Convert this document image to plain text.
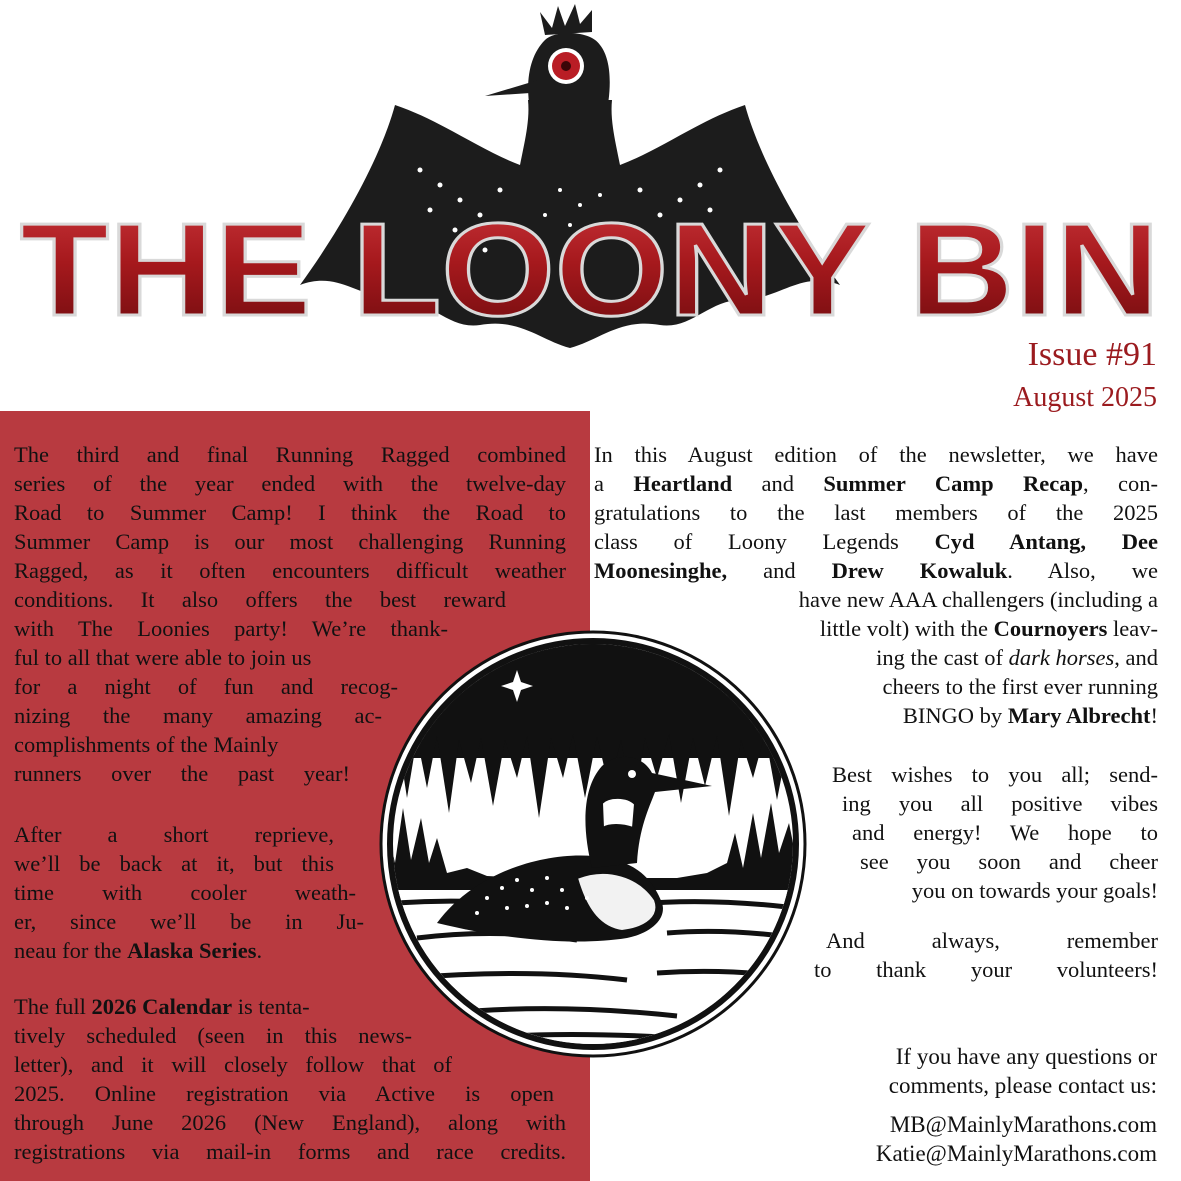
THE LOONY BIN
Issue #91
August 2025
The third and final Running Ragged combined
series of the year ended with the twelve-day
Road to Summer Camp! I think the Road to
Summer Camp is our most challenging Running
Ragged, as it often encounters difficult weather
conditions. It also offers the best reward
with The Loonies party! We’re thank-
ful to all that were able to join us
for a night of fun and recog-
nizing the many amazing ac-
complishments of the Mainly
runners over the past year!
After a short reprieve,
we’ll be back at it, but this
time with cooler weath-
er, since we’ll be in Ju-
neau for the Alaska Series.
The full 2026 Calendar is tenta-
tively scheduled (seen in this news-
letter), and it will closely follow that of
2025. Online registration via Active is open
through June 2026 (New England), along with
registrations via mail-in forms and race credits.
In this August edition of the newsletter, we have
a Heartland and Summer Camp Recap, con-
gratulations to the last members of the 2025
class of Loony Legends Cyd Antang, Dee
Moonesinghe, and Drew Kowaluk. Also, we
have new AAA challengers (including a
little volt) with the Cournoyers leav-
ing the cast of dark horses, and
cheers to the first ever running
BINGO by Mary Albrecht!
Best wishes to you all; send-
ing you all positive vibes
and energy! We hope to
see you soon and cheer
you on towards your goals!
And always, remember
to thank your volunteers!
If you have any questions or
comments, please contact us:
MB@MainlyMarathons.com
Katie@MainlyMarathons.com
